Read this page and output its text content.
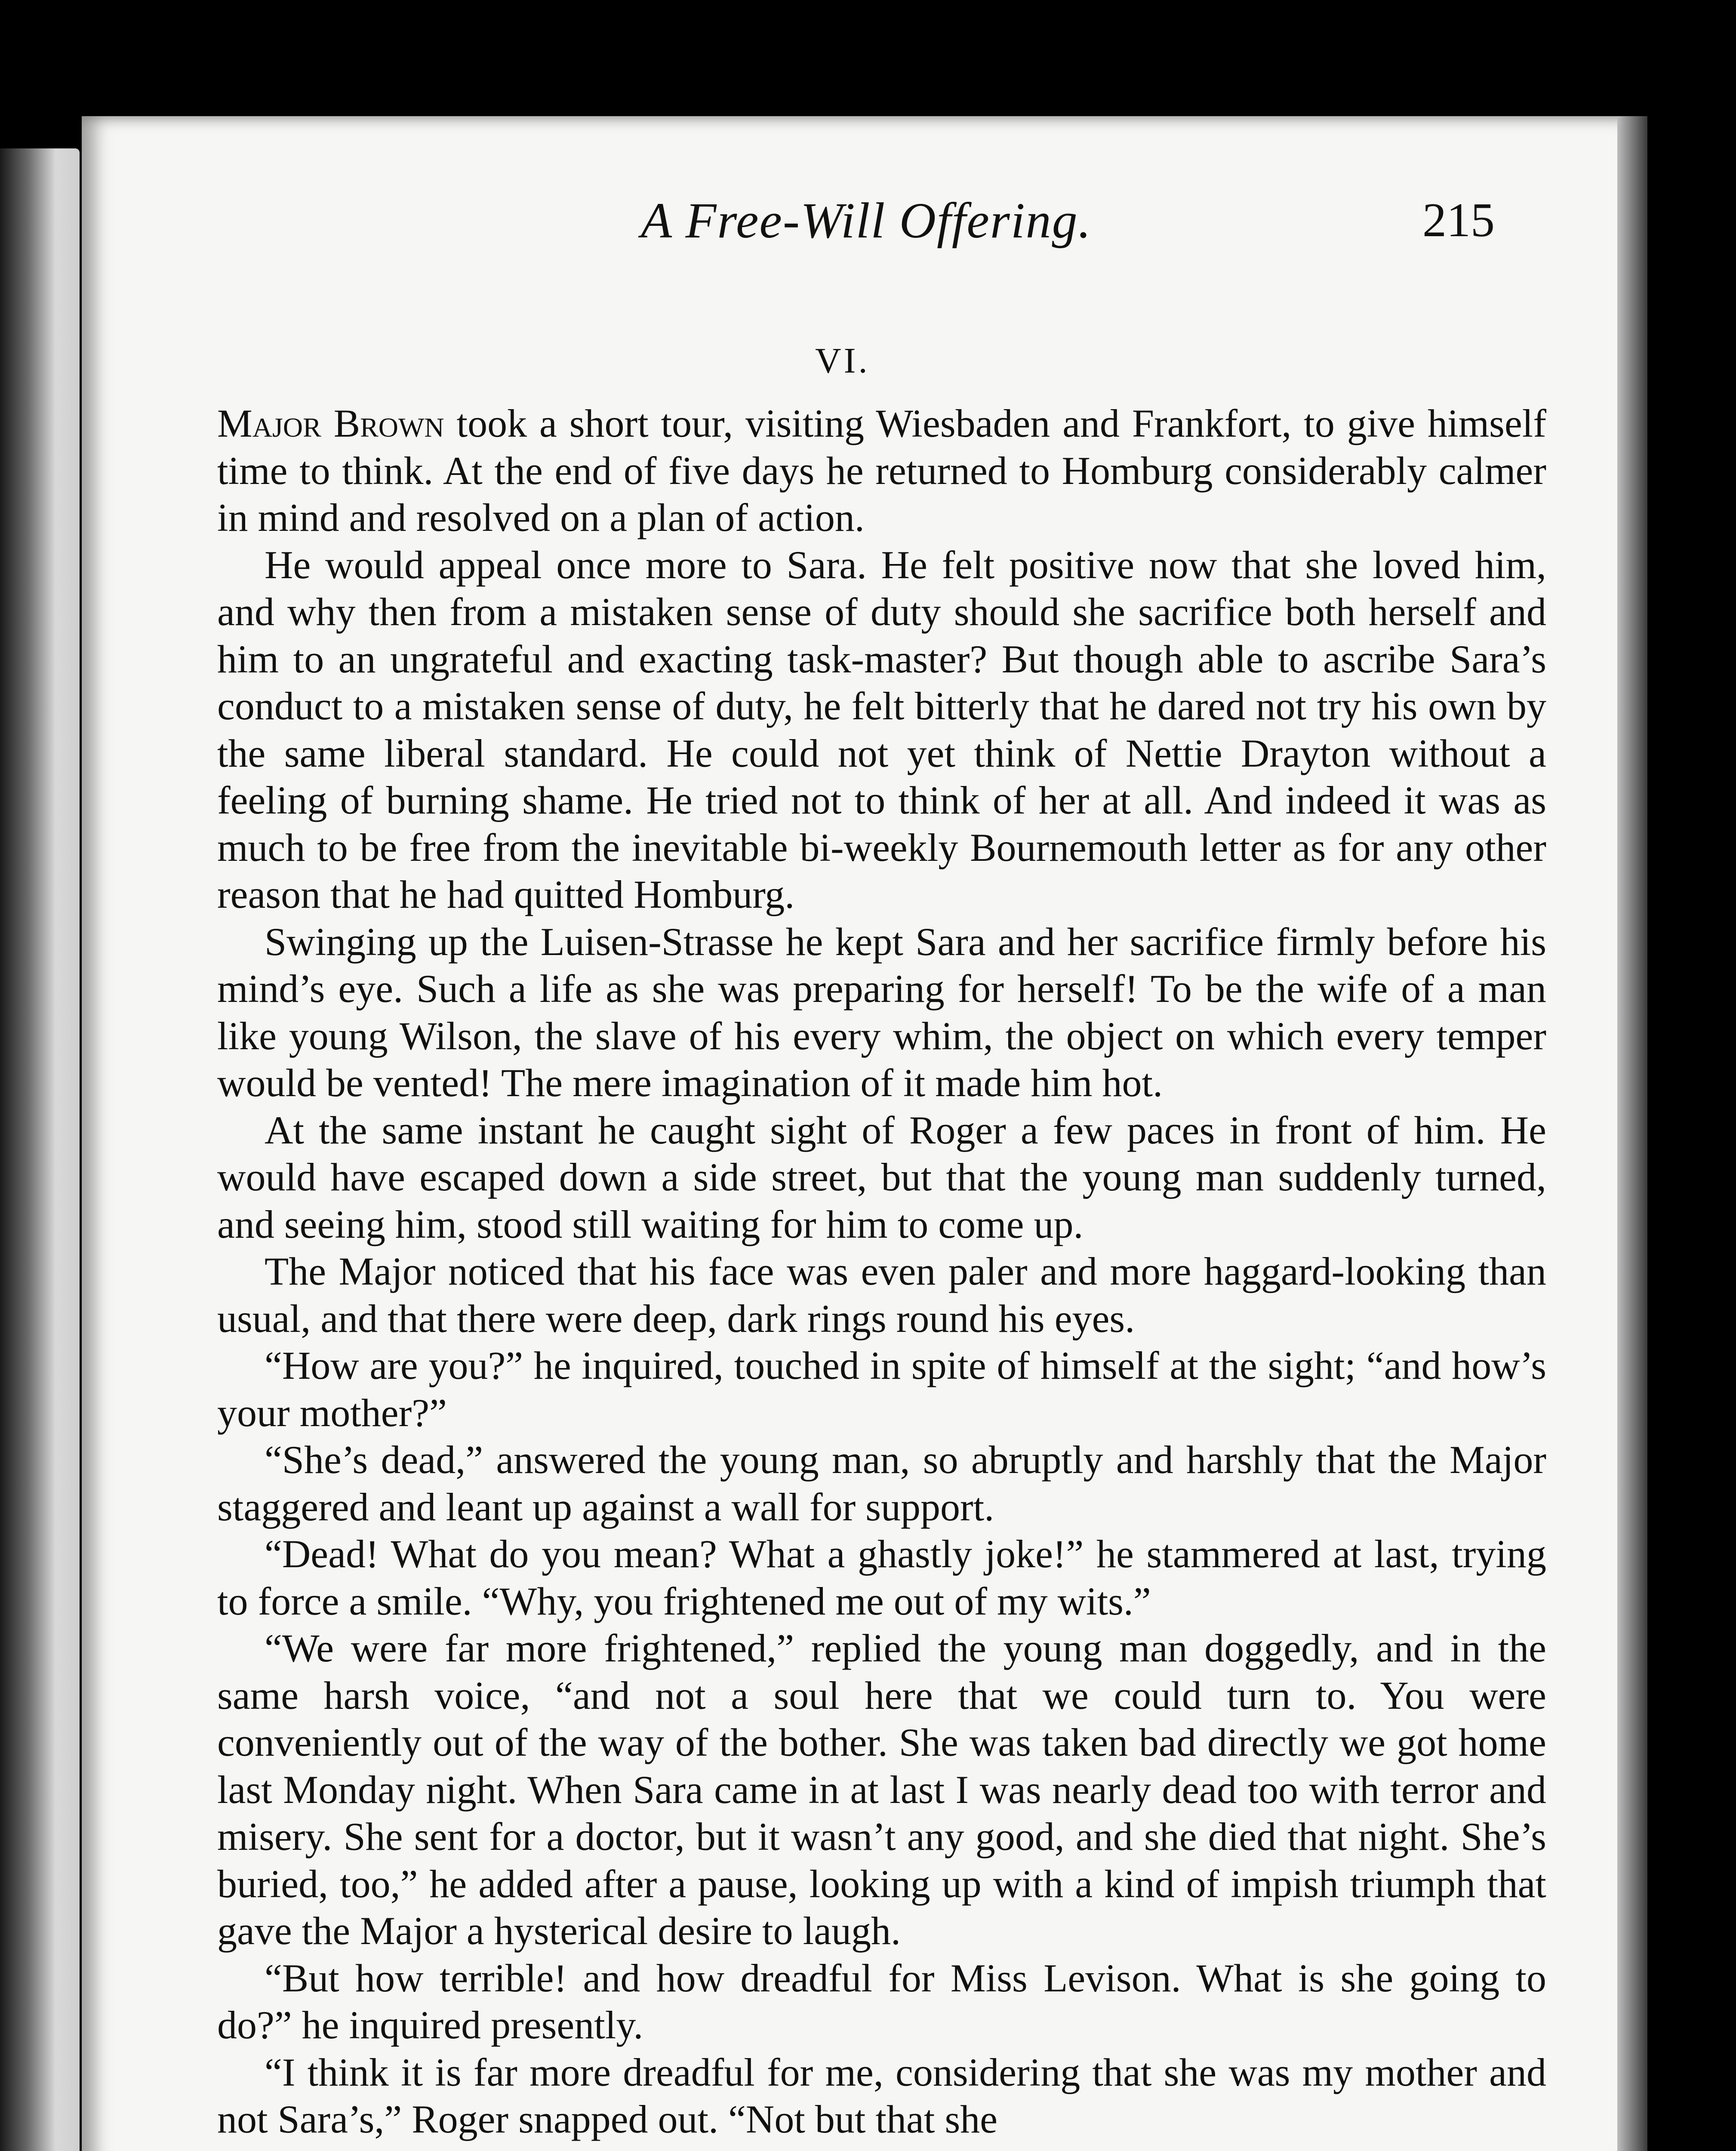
A Free-Will Offering.	215
VI.

Major Brown took a short tour, visiting Wiesbaden and Frankfort, to give himself time to think. At the end of five days he returned to Homburg considerably calmer in mind and resolved on a plan of action.

He would appeal once more to Sara. He felt positive now that she loved him, and why then from a mistaken sense of duty should she sacrifice both herself and him to an ungrateful and exacting task-master? But though able to ascribe Sara’s conduct to a mistaken sense of duty, he felt bitterly that he dared not try his own by the same liberal standard. He could not yet think of Nettie Drayton without a feeling of burning shame. He tried not to think of her at all. And indeed it was as much to be free from the inevitable bi-weekly Bournemouth letter as for any other reason that he had quitted Homburg.

Swinging up the Luisen-Strasse he kept Sara and her sacrifice firmly before his mind’s eye. Such a life as she was preparing for herself! To be the wife of a man like young Wilson, the slave of his every whim, the object on which every temper would be vented! The mere imagination of it made him hot.

At the same instant he caught sight of Roger a few paces in front of him. He would have escaped down a side street, but that the young man suddenly turned, and seeing him, stood still waiting for him to come up.

The Major noticed that his face was even paler and more haggard-looking than usual, and that there were deep, dark rings round his eyes.

“How are you?” he inquired, touched in spite of himself at the sight; “and how’s your mother?”

“She’s dead,” answered the young man, so abruptly and harshly that the Major staggered and leant up against a wall for support.

“Dead! What do you mean? What a ghastly joke!” he stammered at last, trying to force a smile. “Why, you frightened me out of my wits.”

“We were far more frightened,” replied the young man doggedly, and in the same harsh voice, “and not a soul here that we could turn to. You were conveniently out of the way of the bother. She was taken bad directly we got home last Monday night. When Sara came in at last I was nearly dead too with terror and misery. She sent for a doctor, but it wasn’t any good, and she died that night. She’s buried, too,” he added after a pause, looking up with a kind of impish triumph that gave the Major a hysterical desire to laugh.

“But how terrible! and how dreadful for Miss Levison. What is she going to do?” he inquired presently.

“I think it is far more dreadful for me, considering that she was my mother and not Sara’s,” Roger snapped out. “Not but that she
